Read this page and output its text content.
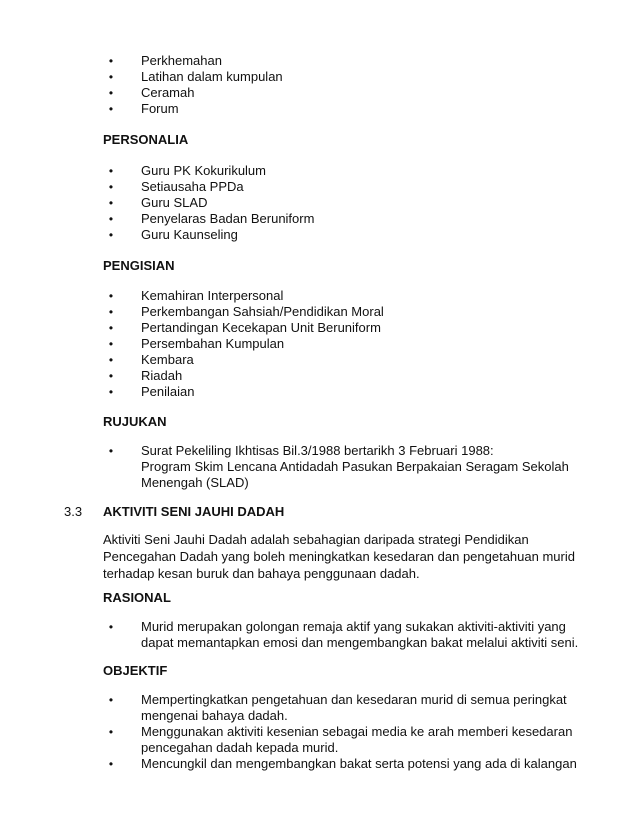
3.3
•	Perkhemahan
•	Latihan dalam kumpulan
•	Ceramah
•	Forum
PERSONALIA
•	Guru PK Kokurikulum
•	Setiausaha PPDa
•	Guru SLAD
•	Penyelaras Badan Beruniform
•	Guru Kaunseling
PENGISIAN
•	Kemahiran Interpersonal
•	Perkembangan Sahsiah/Pendidikan Moral
•	Pertandingan Kecekapan Unit Beruniform
•	Persembahan Kumpulan
•	Kembara
•	Riadah
•	Penilaian
RUJUKAN
•	Surat Pekeliling Ikhtisas Bil.3/1988 bertarikh 3 Februari 1988:
Program Skim Lencana Antidadah Pasukan Berpakaian Seragam Sekolah
Menengah (SLAD)
AKTIVITI SENI JAUHI DADAH
Aktiviti Seni Jauhi Dadah adalah sebahagian daripada strategi Pendidikan
Pencegahan Dadah yang boleh meningkatkan kesedaran dan pengetahuan murid
terhadap kesan buruk dan bahaya penggunaan dadah.
RASIONAL
•	Murid merupakan golongan remaja aktif yang sukakan aktiviti-aktiviti yang
dapat memantapkan emosi dan mengembangkan bakat melalui aktiviti seni.
OBJEKTIF
•	Mempertingkatkan pengetahuan dan kesedaran murid di semua peringkat
mengenai bahaya dadah.
•	Menggunakan aktiviti kesenian sebagai media ke arah memberi kesedaran
pencegahan dadah kepada murid.
•	Mencungkil dan mengembangkan bakat serta potensi yang ada di kalangan
